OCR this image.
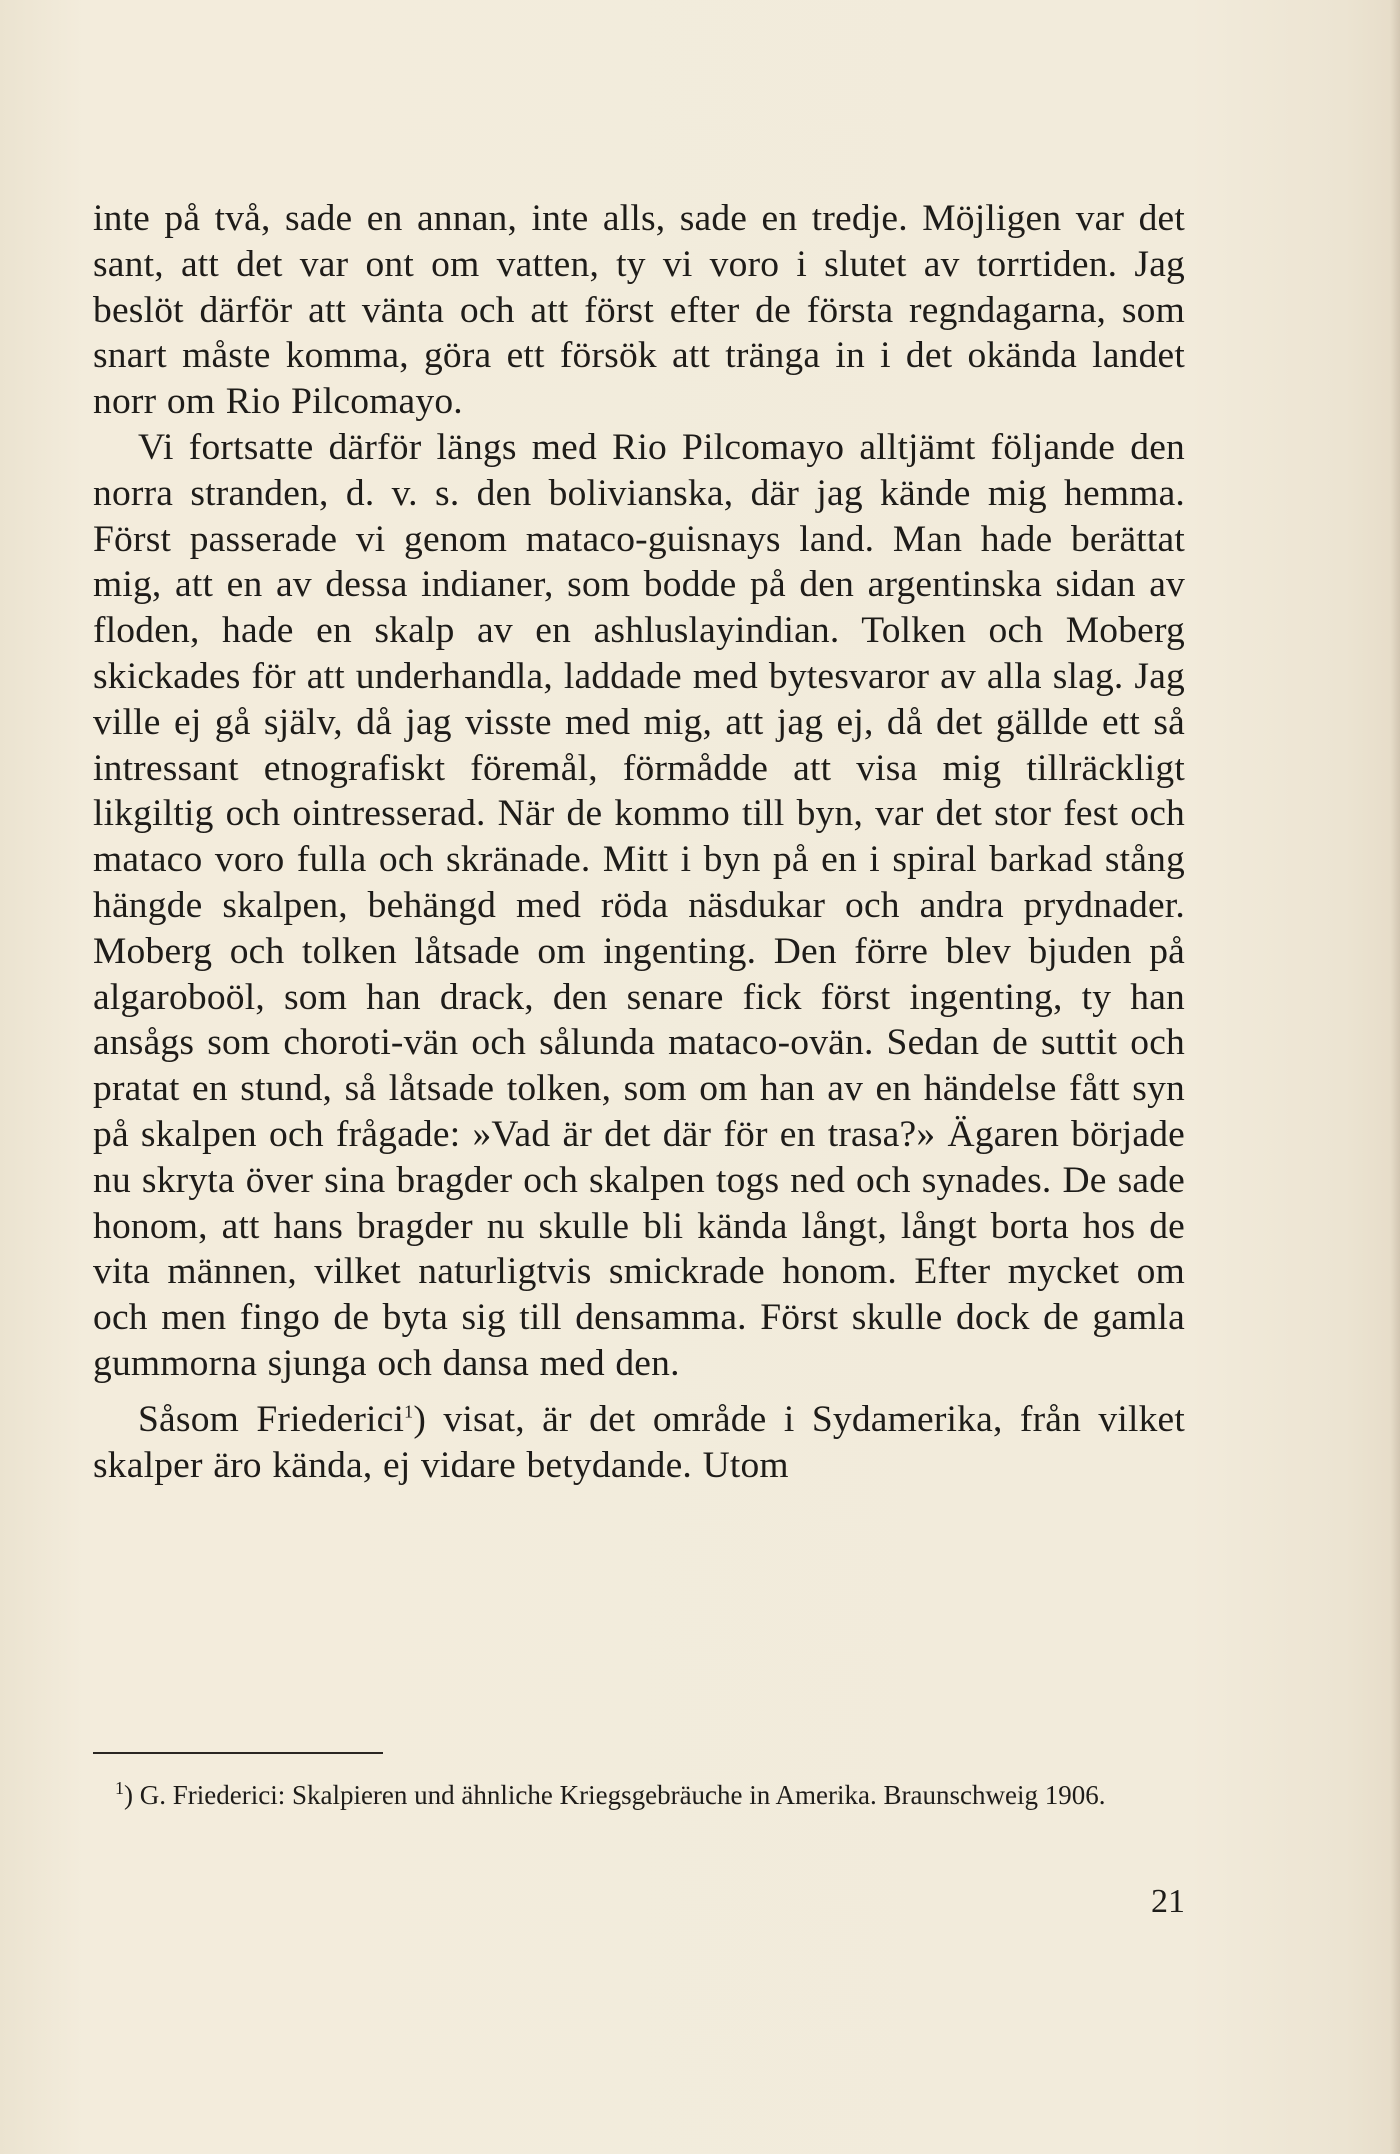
inte på två, sade en annan, inte alls, sade en tredje. Möjligen var det sant, att det var ont om vatten, ty vi voro i slutet av torrtiden. Jag beslöt därför att vänta och att först efter de första regndagarna, som snart måste komma, göra ett försök att tränga in i det okända landet norr om Rio Pilcomayo.

Vi fortsatte därför längs med Rio Pilcomayo alltjämt följande den norra stranden, d. v. s. den bolivianska, där jag kände mig hemma. Först passerade vi genom mataco-guisnays land. Man hade berättat mig, att en av dessa indianer, som bodde på den argentinska sidan av floden, hade en skalp av en ashluslayindian. Tolken och Moberg skickades för att underhandla, laddade med bytesvaror av alla slag. Jag ville ej gå själv, då jag visste med mig, att jag ej, då det gällde ett så intressant etnografiskt föremål, förmådde att visa mig tillräckligt likgiltig och ointresserad. När de kommo till byn, var det stor fest och mataco voro fulla och skränade. Mitt i byn på en i spiral barkad stång hängde skalpen, behängd med röda näsdukar och andra prydnader. Moberg och tolken låtsade om ingenting. Den förre blev bjuden på algaroboöl, som han drack, den senare fick först ingenting, ty han ansågs som choroti-vän och sålunda mataco-ovän. Sedan de suttit och pratat en stund, så låtsade tolken, som om han av en händelse fått syn på skalpen och frågade: »Vad är det där för en trasa?» Ägaren började nu skryta över sina bragder och skalpen togs ned och synades. De sade honom, att hans bragder nu skulle bli kända långt, långt borta hos de vita männen, vilket naturligtvis smickrade honom. Efter mycket om och men fingo de byta sig till densamma. Först skulle dock de gamla gummorna sjunga och dansa med den.

Såsom Friederici$^1$) visat, är det område i Sydamerika, från vilket skalper äro kända, ej vidare betydande. Utom

$^1$) G. Friederici: Skalpieren und ähnliche Kriegsgebräuche in Amerika. Braunschweig 1906.

21
